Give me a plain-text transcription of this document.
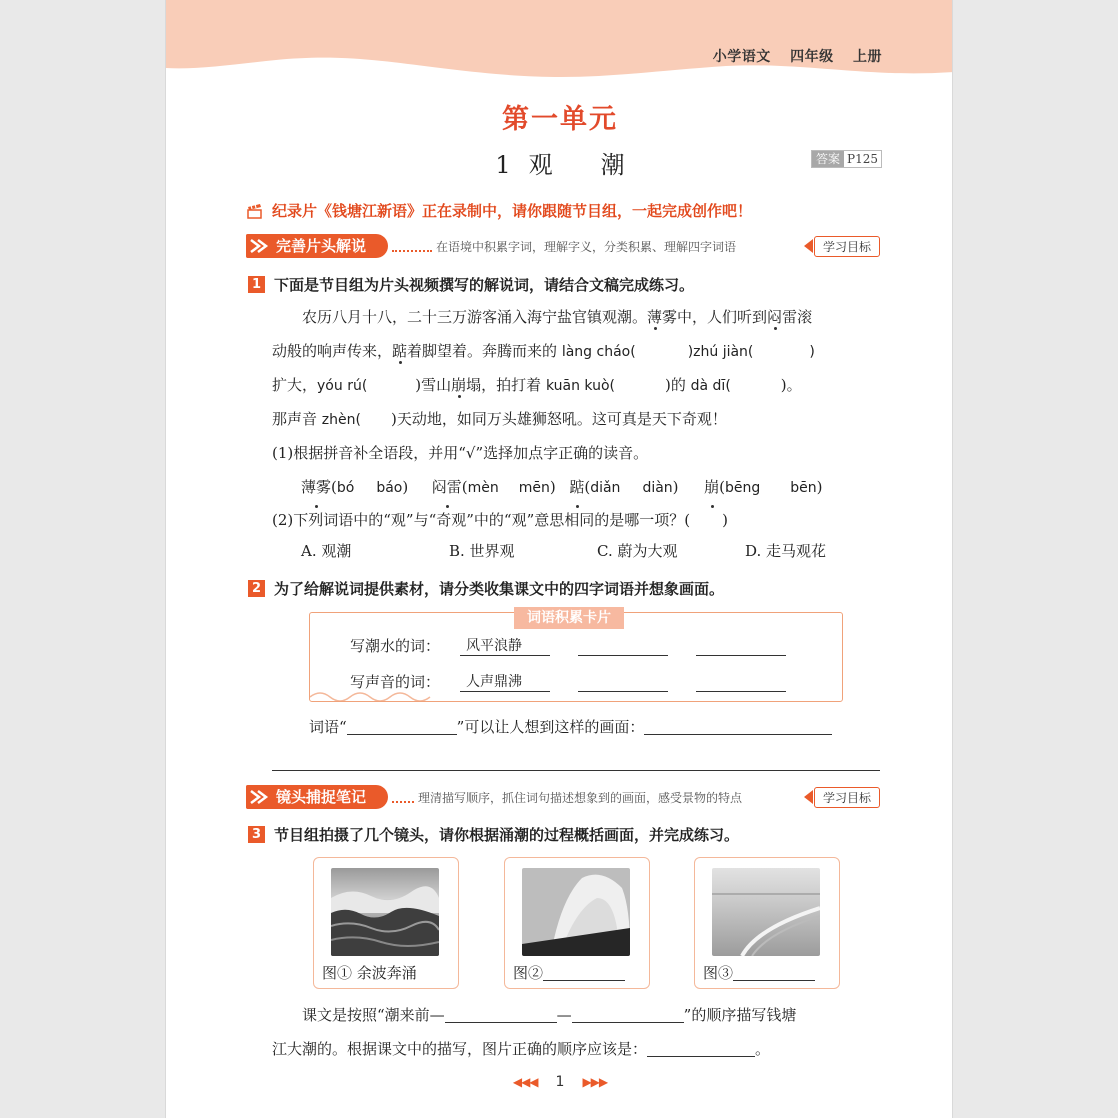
小学语文 四年级 上册
第一单元
1 观 潮	答案 P125
纪录片《钱塘江新语》正在录制中，请你跟随节目组，一起完成创作吧！
完善片头解说	在语境中积累字词，理解字义，分类积累、理解四字词语	学习目标
1 下面是节目组为片头视频撰写的解说词，请结合文稿完成练习。
农历八月十八，二十三万游客涌入海宁盐官镇观潮。薄雾中，人们听到闷雷滚
动般的响声传来，踮着脚望着。奔腾而来的 làng cháo(	)zhú jiàn(	)
扩大，yóu rú(	)雪山崩塌，拍打着 kuān kuò(	)的 dà dī(	)。
那声音 zhèn( )天动地，如同万头雄狮怒吼。这可真是天下奇观！
(1)根据拼音补全语段，并用“√”选择加点字正确的读音。
薄雾(bó báo) 闷雷(mèn mēn) 踮(diǎn diàn) 崩(bēng bēn)
(2)下列词语中的“观”与“奇观”中的“观”意思相同的是哪一项？( )
A. 观潮	B. 世界观	C. 蔚为大观	D. 走马观花
2 为了给解说词提供素材，请分类收集课文中的四字词语并想象画面。
词语积累卡片
写潮水的词：	风平浪静
写声音的词：	人声鼎沸
词语“	”可以让人想到这样的画面：
镜头捕捉笔记	理清描写顺序，抓住词句描述想象到的画面，感受景物的特点	学习目标
3 节目组拍摄了几个镜头，请你根据涌潮的过程概括画面，并完成练习。
图① 余波奔涌	图②	图③
课文是按照“潮来前—	—	”的顺序描写钱塘
江大潮的。根据课文中的描写，图片正确的顺序应该是：	。
◀◀◀ 1 ▶▶▶
